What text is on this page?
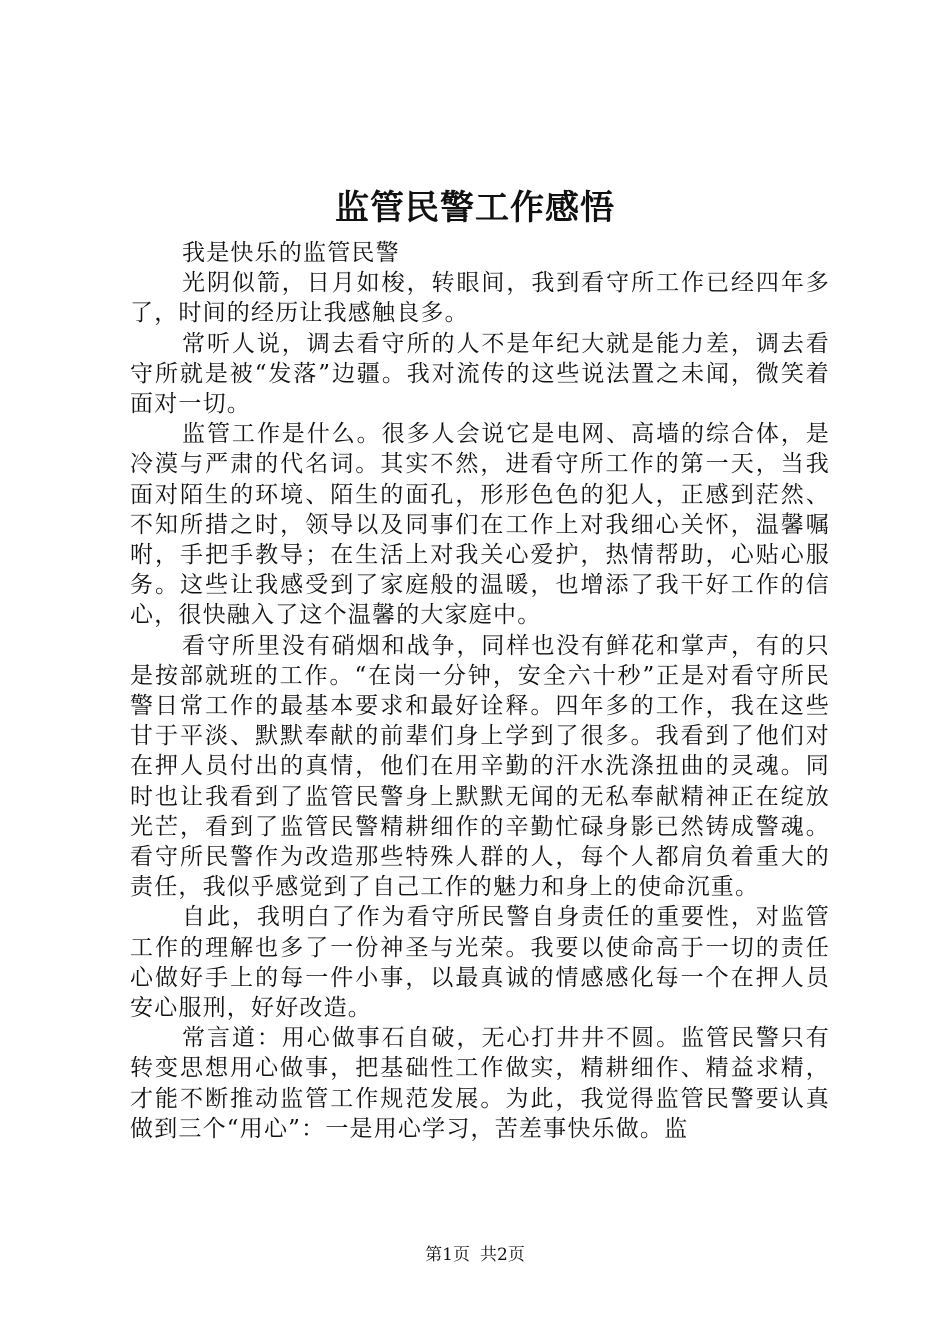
监管民警工作感悟

我是快乐的监管民警

光阴似箭，日月如梭，转眼间，我到看守所工作已经四年多了，时间的经历让我感触良多。

常听人说，调去看守所的人不是年纪大就是能力差，调去看守所就是被“发落”边疆。我对流传的这些说法置之未闻，微笑着面对一切。

监管工作是什么。很多人会说它是电网、高墙的综合体，是冷漠与严肃的代名词。其实不然，进看守所工作的第一天，当我面对陌生的环境、陌生的面孔，形形色色的犯人，正感到茫然、不知所措之时，领导以及同事们在工作上对我细心关怀，温馨嘱咐，手把手教导；在生活上对我关心爱护，热情帮助，心贴心服务。这些让我感受到了家庭般的温暖，也增添了我干好工作的信心，很快融入了这个温馨的大家庭中。

看守所里没有硝烟和战争，同样也没有鲜花和掌声，有的只是按部就班的工作。“在岗一分钟，安全六十秒”正是对看守所民警日常工作的最基本要求和最好诠释。四年多的工作，我在这些甘于平淡、默默奉献的前辈们身上学到了很多。我看到了他们对在押人员付出的真情，他们在用辛勤的汗水洗涤扭曲的灵魂。同时也让我看到了监管民警身上默默无闻的无私奉献精神正在绽放光芒，看到了监管民警精耕细作的辛勤忙碌身影已然铸成警魂。看守所民警作为改造那些特殊人群的人，每个人都肩负着重大的责任，我似乎感觉到了自己工作的魅力和身上的使命沉重。

自此，我明白了作为看守所民警自身责任的重要性，对监管工作的理解也多了一份神圣与光荣。我要以使命高于一切的责任心做好手上的每一件小事，以最真诚的情感感化每一个在押人员安心服刑，好好改造。

常言道：用心做事石自破，无心打井井不圆。监管民警只有转变思想用心做事，把基础性工作做实，精耕细作、精益求精，才能不断推动监管工作规范发展。为此，我觉得监管民警要认真做到三个“用心”：一是用心学习，苦差事快乐做。监

第1页 共2页
